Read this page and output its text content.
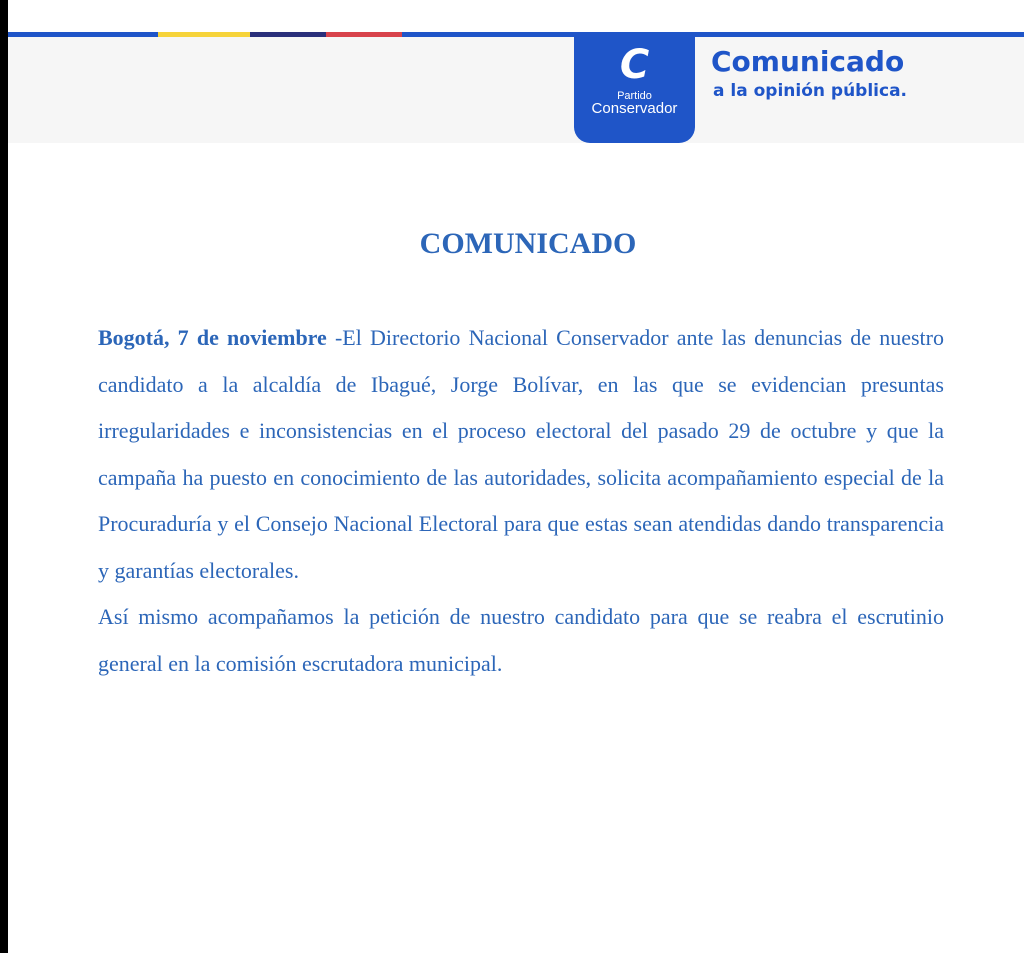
C
Partido
Conservador
Comunicado
a la opinión pública.
COMUNICADO

Bogotá, 7 de noviembre -El Directorio Nacional Conservador ante las denuncias de nuestro candidato a la alcaldía de Ibagué, Jorge Bolívar, en las que se evidencian presuntas irregularidades e inconsistencias en el proceso electoral del pasado 29 de octubre y que la campaña ha puesto en conocimiento de las autoridades, solicita acompañamiento especial de la Procuraduría y el Consejo Nacional Electoral para que estas sean atendidas dando transparencia y garantías electorales.

Así mismo acompañamos la petición de nuestro candidato para que se reabra el escrutinio general en la comisión escrutadora municipal.
